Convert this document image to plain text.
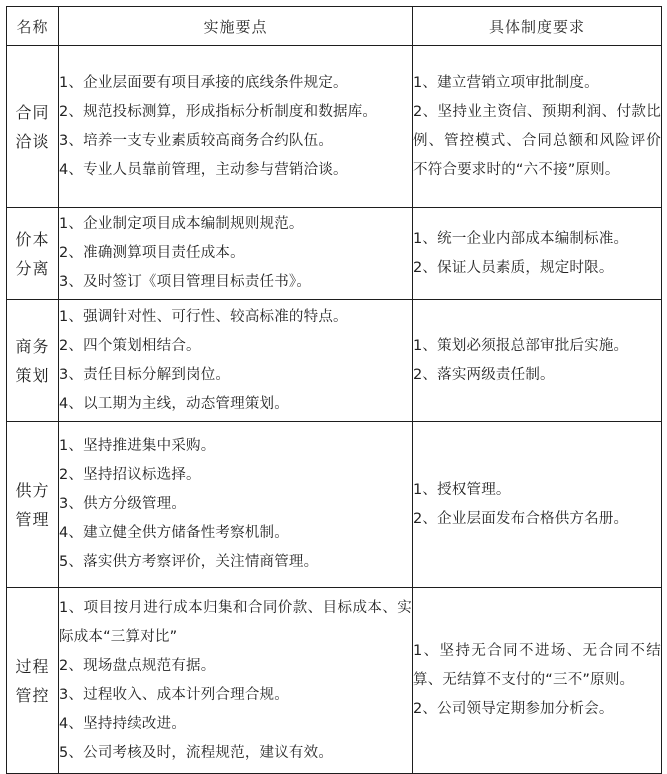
名称	实施要点	具体制度要求
合同洽谈	1、企业层面要有项目承接的底线条件规定。
2、规范投标测算，形成指标分析制度和数据库。
3、培养一支专业素质较高商务合约队伍。
4、专业人员靠前管理，主动参与营销洽谈。	1、建立营销立项审批制度。
2、坚持业主资信、预期利润、付款比例、管控模式、合同总额和风险评价不符合要求时的“六不接”原则。

价本分离	1、企业制定项目成本编制规则规范。
2、准确测算项目责任成本。
3、及时签订《项目管理目标责任书》。	1、统一企业内部成本编制标准。
2、保证人员素质，规定时限。

商务策划	1、强调针对性、可行性、较高标准的特点。
2、四个策划相结合。
3、责任目标分解到岗位。
4、以工期为主线，动态管理策划。	1、策划必须报总部审批后实施。
2、落实两级责任制。

供方管理	1、坚持推进集中采购。
2、坚持招议标选择。
3、供方分级管理。
4、建立健全供方储备性考察机制。
5、落实供方考察评价，关注情商管理。	1、授权管理。
2、企业层面发布合格供方名册。

过程管控	1、项目按月进行成本归集和合同价款、目标成本、实际成本“三算对比”
2、现场盘点规范有据。
3、过程收入、成本计列合理合规。
4、坚持持续改进。
5、公司考核及时，流程规范，建议有效。	1、坚持无合同不进场、无合同不结算、无结算不支付的“三不”原则。
2、公司领导定期参加分析会。
